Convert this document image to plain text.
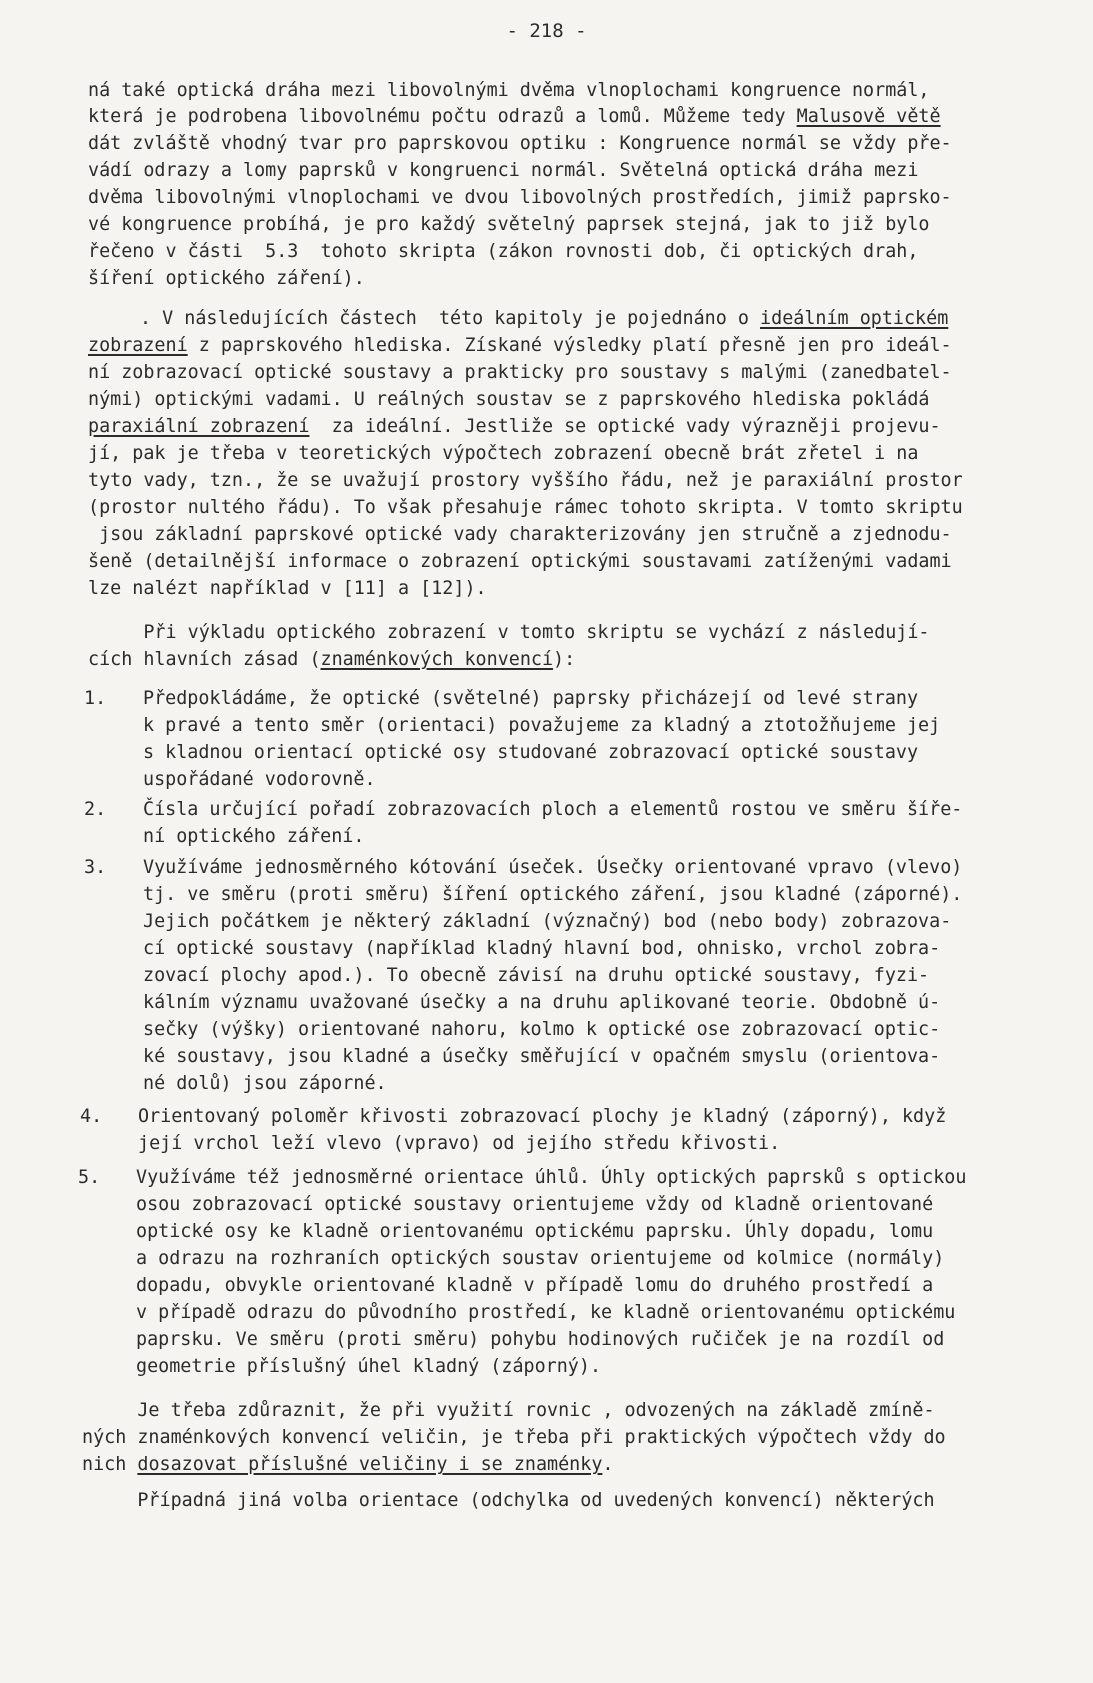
- 218 -
ná také optická dráha mezi libovolnými dvěma vlnoplochami kongruence normál,
která je podrobena libovolnému počtu odrazů a lomů. Můžeme tedy Malusově větě
dát zvláště vhodný tvar pro paprskovou optiku : Kongruence normál se vždy pře-
vádí odrazy a lomy paprsků v kongruenci normál. Světelná optická dráha mezi
dvěma libovolnými vlnoplochami ve dvou libovolných prostředích, jimiž paprsko-
vé kongruence probíhá, je pro každý světelný paprsek stejná, jak to již bylo
řečeno v části  5.3  tohoto skripta (zákon rovnosti dob, či optických drah,
šíření optického záření).
. V následujících částech  této kapitoly je pojednáno o ideálním optickém
zobrazení z paprskového hlediska. Získané výsledky platí přesně jen pro ideál-
ní zobrazovací optické soustavy a prakticky pro soustavy s malými (zanedbatel-
nými) optickými vadami. U reálných soustav se z paprskového hlediska pokládá
paraxiální zobrazení  za ideální. Jestliže se optické vady výrazněji projevu-
jí, pak je třeba v teoretických výpočtech zobrazení obecně brát zřetel i na
tyto vady, tzn., že se uvažují prostory vyššího řádu, než je paraxiální prostor
(prostor nultého řádu). To však přesahuje rámec tohoto skripta. V tomto skriptu
jsou základní paprskové optické vady charakterizovány jen stručně a zjednodu-
šeně (detailnější informace o zobrazení optickými soustavami zatíženými vadami
lze nalézt například v [11] a [12]).
Při výkladu optického zobrazení v tomto skriptu se vychází z následují-
cích hlavních zásad (znaménkových konvencí):
1. Předpokládáme, že optické (světelné) paprsky přicházejí od levé strany
k pravé a tento směr (orientaci) považujeme za kladný a ztotožňujeme jej
s kladnou orientací optické osy studované zobrazovací optické soustavy
uspořádané vodorovně.
2. Čísla určující pořadí zobrazovacích ploch a elementů rostou ve směru šíře-
ní optického záření.
3. Využíváme jednosměrného kótování úseček. Úsečky orientované vpravo (vlevo)
tj. ve směru (proti směru) šíření optického záření, jsou kladné (záporné).
Jejich počátkem je některý základní (význačný) bod (nebo body) zobrazova-
cí optické soustavy (například kladný hlavní bod, ohnisko, vrchol zobra-
zovací plochy apod.). To obecně závisí na druhu optické soustavy, fyzi-
kálním významu uvažované úsečky a na druhu aplikované teorie. Obdobně ú-
sečky (výšky) orientované nahoru, kolmo k optické ose zobrazovací optic-
ké soustavy, jsou kladné a úsečky směřující v opačném smyslu (orientova-
né dolů) jsou záporné.
4. Orientovaný poloměr křivosti zobrazovací plochy je kladný (záporný), když
její vrchol leží vlevo (vpravo) od jejího středu křivosti.
5. Využíváme též jednosměrné orientace úhlů. Úhly optických paprsků s optickou
osou zobrazovací optické soustavy orientujeme vždy od kladně orientované
optické osy ke kladně orientovanému optickému paprsku. Úhly dopadu, lomu
a odrazu na rozhraních optických soustav orientujeme od kolmice (normály)
dopadu, obvykle orientované kladně v případě lomu do druhého prostředí a
v případě odrazu do původního prostředí, ke kladně orientovanému optickému
paprsku. Ve směru (proti směru) pohybu hodinových ručiček je na rozdíl od
geometrie příslušný úhel kladný (záporný).
Je třeba zdůraznit, že při využití rovnic , odvozených na základě zmíně-
ných znaménkových konvencí veličin, je třeba při praktických výpočtech vždy do
nich dosazovat příslušné veličiny i se znaménky.
Případná jiná volba orientace (odchylka od uvedených konvencí) některých
